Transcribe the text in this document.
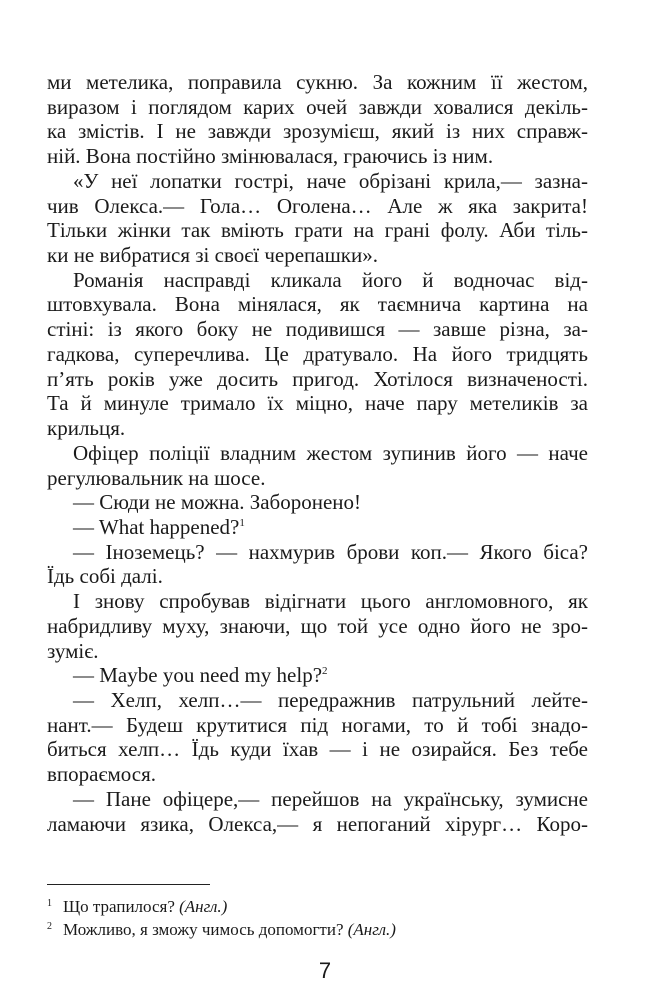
ми метелика, поправила сукню. За кожним її жестом,
виразом і поглядом карих очей завжди ховалися декіль-
ка змістів. І не завжди зрозумієш, який із них справж-
ній. Вона постійно змінювалася, граючись із ним.
«У неї лопатки гострі, наче обрізані крила,— зазна-
чив Олекса.— Гола… Оголена… Але ж яка закрита!
Тільки жінки так вміють грати на грані фолу. Аби тіль-
ки не вибратися зі своєї черепашки».
Романія насправді кликала його й водночас від-
штовхувала. Вона мінялася, як таємнича картина на
стіні: із якого боку не подивишся — завше різна, за-
гадкова, суперечлива. Це дратувало. На його тридцять
п’ять років уже досить пригод. Хотілося визначеності.
Та й минуле тримало їх міцно, наче пару метеликів за
крильця.
Офіцер поліції владним жестом зупинив його — наче
регулювальник на шосе.
— Сюди не можна. Заборонено!
— What happened?$^1$
— Іноземець? — нахмурив брови коп.— Якого біса?
Їдь собі далі.
І знову спробував відігнати цього англомовного, як
набридливу муху, знаючи, що той усе одно його не зро-
зуміє.
— Maybe you need my help?$^2$
— Хелп, хелп…— передражнив патрульний лейте-
нант.— Будеш крутитися під ногами, то й тобі знадо-
биться хелп… Їдь куди їхав — і не озирайся. Без тебе
впораємося.
— Пане офіцере,— перейшов на українську, зумисне
ламаючи язика, Олекса,— я непоганий хірург… Коро-
1 Що трапилося? (Англ.)
2 Можливо, я зможу чимось допомогти? (Англ.)
7
